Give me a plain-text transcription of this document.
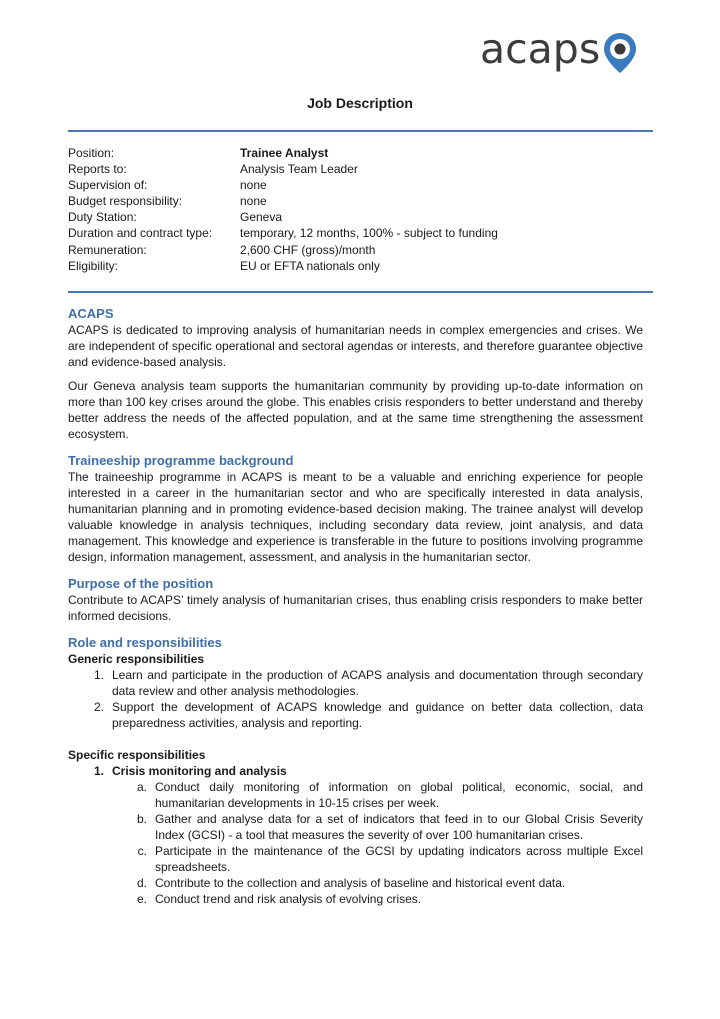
acaps
Job Description
Position:	Trainee Analyst
Reports to:	Analysis Team Leader
Supervision of:	none
Budget responsibility:	none
Duty Station:	Geneva
Duration and contract type:	temporary, 12 months, 100% - subject to funding
Remuneration:	2,600 CHF (gross)/month
Eligibility:	EU or EFTA nationals only
ACAPS

ACAPS is dedicated to improving analysis of humanitarian needs in complex emergencies and crises. We are independent of specific operational and sectoral agendas or interests, and therefore guarantee objective and evidence-based analysis.

Our Geneva analysis team supports the humanitarian community by providing up-to-date information on more than 100 key crises around the globe. This enables crisis responders to better understand and thereby better address the needs of the affected population, and at the same time strengthening the assessment ecosystem.

Traineeship programme background

The traineeship programme in ACAPS is meant to be a valuable and enriching experience for people interested in a career in the humanitarian sector and who are specifically interested in data analysis, humanitarian planning and in promoting evidence-based decision making. The trainee analyst will develop valuable knowledge in analysis techniques, including secondary data review, joint analysis, and data management. This knowledge and experience is transferable in the future to positions involving programme design, information management, assessment, and analysis in the humanitarian sector.

Purpose of the position

Contribute to ACAPS’ timely analysis of humanitarian crises, thus enabling crisis responders to make better informed decisions.

Role and responsibilities
Generic responsibilities
1. Learn and participate in the production of ACAPS analysis and documentation through secondary data review and other analysis methodologies.
2. Support the development of ACAPS knowledge and guidance on better data collection, data preparedness activities, analysis and reporting.
Specific responsibilities
1. Crisis monitoring and analysis
a. Conduct daily monitoring of information on global political, economic, social, and humanitarian developments in 10-15 crises per week.
b. Gather and analyse data for a set of indicators that feed in to our Global Crisis Severity Index (GCSI) - a tool that measures the severity of over 100 humanitarian crises.
c. Participate in the maintenance of the GCSI by updating indicators across multiple Excel spreadsheets.
d. Contribute to the collection and analysis of baseline and historical event data.
e. Conduct trend and risk analysis of evolving crises.
